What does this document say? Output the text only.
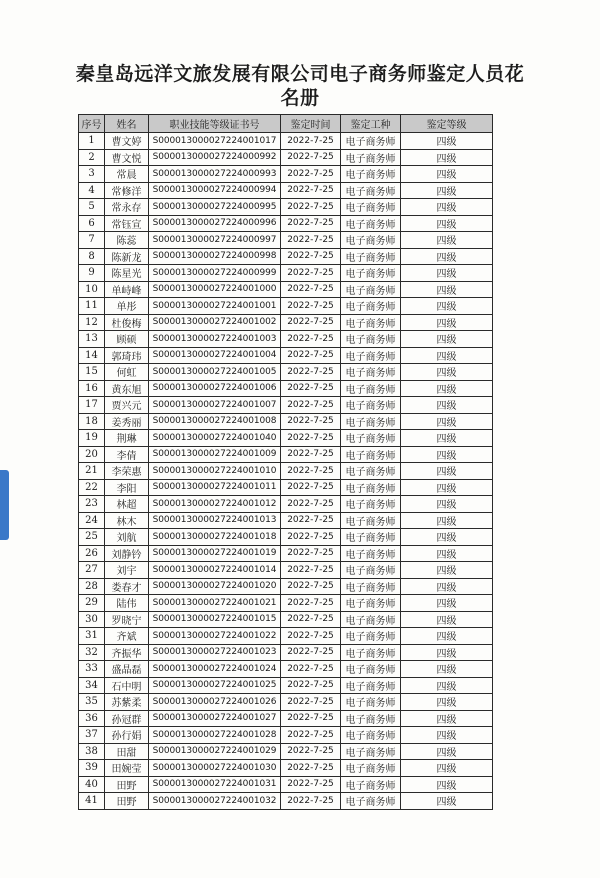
秦皇岛远洋文旅发展有限公司电子商务师鉴定人员花
名册
序号	姓名	职业技能等级证书号	鉴定时间	鉴定工种	鉴定等级
1	曹文婷	S000013000027224001017	2022-7-25	电子商务师	四级
2	曹文悦	S000013000027224000992	2022-7-25	电子商务师	四级
3	常晨	S000013000027224000993	2022-7-25	电子商务师	四级
4	常修洋	S000013000027224000994	2022-7-25	电子商务师	四级
5	常永存	S000013000027224000995	2022-7-25	电子商务师	四级
6	常钰宣	S000013000027224000996	2022-7-25	电子商务师	四级
7	陈蕊	S000013000027224000997	2022-7-25	电子商务师	四级
8	陈新龙	S000013000027224000998	2022-7-25	电子商务师	四级
9	陈星光	S000013000027224000999	2022-7-25	电子商务师	四级
10	单峙峰	S000013000027224001000	2022-7-25	电子商务师	四级
11	单彤	S000013000027224001001	2022-7-25	电子商务师	四级
12	杜俊梅	S000013000027224001002	2022-7-25	电子商务师	四级
13	顾硕	S000013000027224001003	2022-7-25	电子商务师	四级
14	郭琦玮	S000013000027224001004	2022-7-25	电子商务师	四级
15	何虹	S000013000027224001005	2022-7-25	电子商务师	四级
16	黄东旭	S000013000027224001006	2022-7-25	电子商务师	四级
17	贾兴元	S000013000027224001007	2022-7-25	电子商务师	四级
18	姜秀丽	S000013000027224001008	2022-7-25	电子商务师	四级
19	荆琳	S000013000027224001040	2022-7-25	电子商务师	四级
20	李倩	S000013000027224001009	2022-7-25	电子商务师	四级
21	李荣惠	S000013000027224001010	2022-7-25	电子商务师	四级
22	李阳	S000013000027224001011	2022-7-25	电子商务师	四级
23	林超	S000013000027224001012	2022-7-25	电子商务师	四级
24	林木	S000013000027224001013	2022-7-25	电子商务师	四级
25	刘航	S000013000027224001018	2022-7-25	电子商务师	四级
26	刘静钤	S000013000027224001019	2022-7-25	电子商务师	四级
27	刘宇	S000013000027224001014	2022-7-25	电子商务师	四级
28	娄春才	S000013000027224001020	2022-7-25	电子商务师	四级
29	陆伟	S000013000027224001021	2022-7-25	电子商务师	四级
30	罗晓宁	S000013000027224001015	2022-7-25	电子商务师	四级
31	齐斌	S000013000027224001022	2022-7-25	电子商务师	四级
32	齐振华	S000013000027224001023	2022-7-25	电子商务师	四级
33	盛晶磊	S000013000027224001024	2022-7-25	电子商务师	四级
34	石中明	S000013000027224001025	2022-7-25	电子商务师	四级
35	苏紫柔	S000013000027224001026	2022-7-25	电子商务师	四级
36	孙冠群	S000013000027224001027	2022-7-25	电子商务师	四级
37	孙行娟	S000013000027224001028	2022-7-25	电子商务师	四级
38	田甜	S000013000027224001029	2022-7-25	电子商务师	四级
39	田婉莹	S000013000027224001030	2022-7-25	电子商务师	四级
40	田野	S000013000027224001031	2022-7-25	电子商务师	四级
41	田野	S000013000027224001032	2022-7-25	电子商务师	四级
